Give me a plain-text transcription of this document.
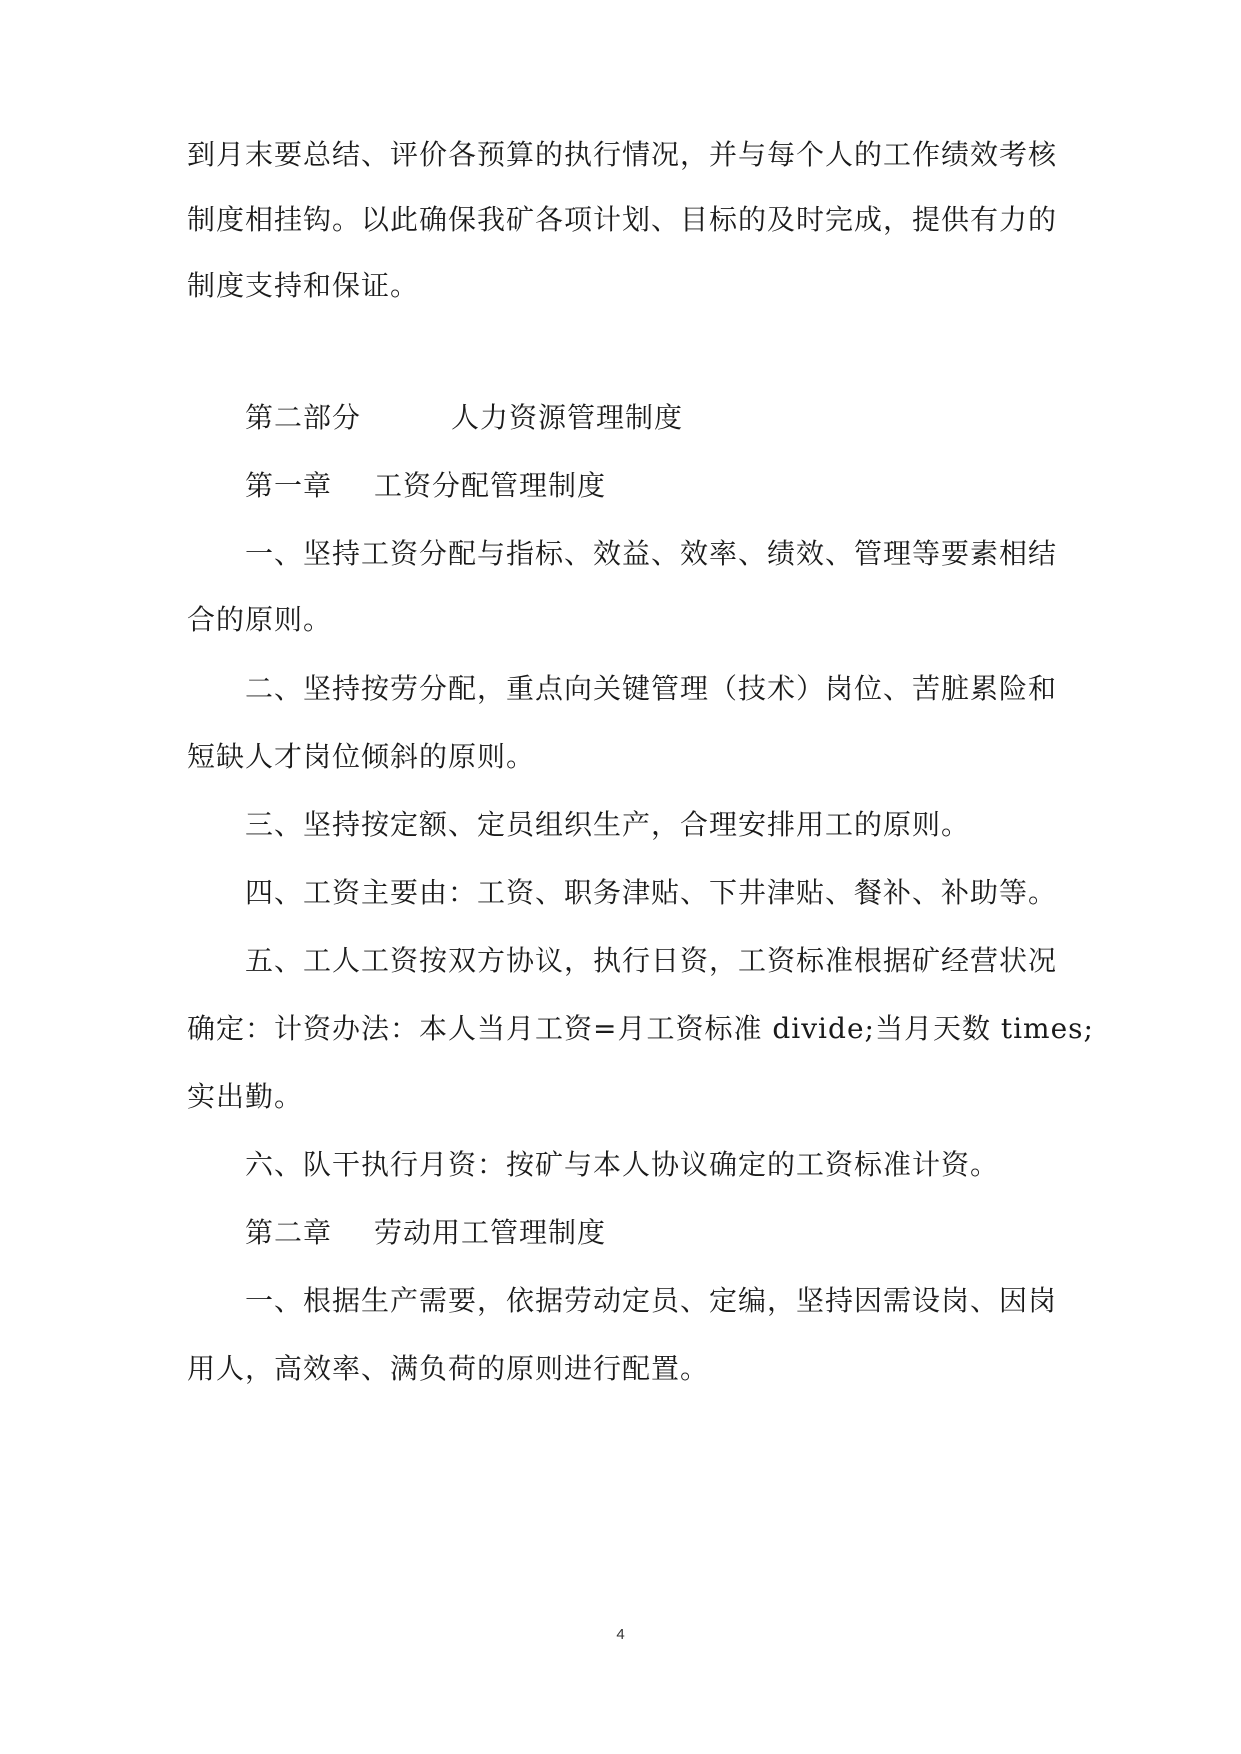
到月末要总结、评价各预算的执行情况，并与每个人的工作绩效考核
制度相挂钩。以此确保我矿各项计划、目标的及时完成，提供有力的
制度支持和保证。
第二部分	人力资源管理制度
第一章 工资分配管理制度
一、坚持工资分配与指标、效益、效率、绩效、管理等要素相结
合的原则。
二、坚持按劳分配，重点向关键管理（技术）岗位、苦脏累险和
短缺人才岗位倾斜的原则。
三、坚持按定额、定员组织生产，合理安排用工的原则。
四、工资主要由：工资、职务津贴、下井津贴、餐补、补助等。
五、工人工资按双方协议，执行日资，工资标准根据矿经营状况
确定：计资办法：本人当月工资=月工资标准 divide;当月天数 times;
实出勤。
六、队干执行月资：按矿与本人协议确定的工资标准计资。
第二章 劳动用工管理制度
一、根据生产需要，依据劳动定员、定编，坚持因需设岗、因岗
用人，高效率、满负荷的原则进行配置。
4
